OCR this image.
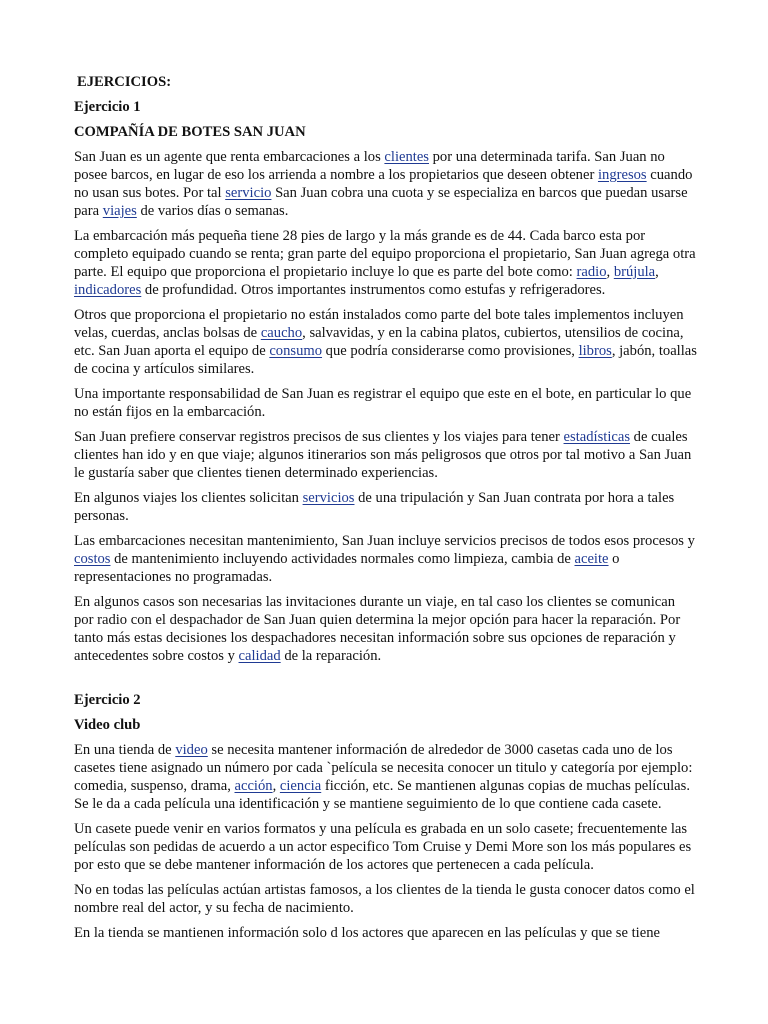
EJERCICIOS:
Ejercicio 1
COMPAÑÍA DE BOTES SAN JUAN

San Juan es un agente que renta embarcaciones a los clientes por una determinada tarifa. San Juan no posee barcos, en lugar de eso los arrienda a nombre a los propietarios que deseen obtener ingresos cuando no usan sus botes. Por tal servicio San Juan cobra una cuota y se especializa en barcos que puedan usarse para viajes de varios días o semanas.

La embarcación más pequeña tiene 28 pies de largo y la más grande es de 44. Cada barco esta por completo equipado cuando se renta; gran parte del equipo proporciona el propietario, San Juan agrega otra parte. El equipo que proporciona el propietario incluye lo que es parte del bote como: radio, brújula, indicadores de profundidad. Otros importantes instrumentos como estufas y refrigeradores.

Otros que proporciona el propietario no están instalados como parte del bote tales implementos incluyen velas, cuerdas, anclas bolsas de caucho, salvavidas, y en la cabina platos, cubiertos, utensilios de cocina, etc. San Juan aporta el equipo de consumo que podría considerarse como provisiones, libros, jabón, toallas de cocina y artículos similares.

Una importante responsabilidad de San Juan es registrar el equipo que este en el bote, en particular lo que no están fijos en la embarcación.

San Juan prefiere conservar registros precisos de sus clientes y los viajes para tener estadísticas de cuales clientes han ido y en que viaje; algunos itinerarios son más peligrosos que otros por tal motivo a San Juan le gustaría saber que clientes tienen determinado experiencias.

En algunos viajes los clientes solicitan servicios de una tripulación y San Juan contrata por hora a tales personas.

Las embarcaciones necesitan mantenimiento, San Juan incluye servicios precisos de todos esos procesos y costos de mantenimiento incluyendo actividades normales como limpieza, cambia de aceite o representaciones no programadas.

En algunos casos son necesarias las invitaciones durante un viaje, en tal caso los clientes se comunican por radio con el despachador de San Juan quien determina la mejor opción para hacer la reparación. Por tanto más estas decisiones los despachadores necesitan información sobre sus opciones de reparación y antecedentes sobre costos y calidad de la reparación.

Ejercicio 2
Video club

En una tienda de video se necesita mantener información de alrededor de 3000 casetas cada uno de los casetes tiene asignado un número por cada `película se necesita conocer un titulo y categoría por ejemplo: comedia, suspenso, drama, acción, ciencia ficción, etc. Se mantienen algunas copias de muchas películas. Se le da a cada película una identificación y se mantiene seguimiento de lo que contiene cada casete.

Un casete puede venir en varios formatos y una película es grabada en un solo casete; frecuentemente las películas son pedidas de acuerdo a un actor especifico Tom Cruise y Demi More son los más populares es por esto que se debe mantener información de los actores que pertenecen a cada película.

No en todas las películas actúan artistas famosos, a los clientes de la tienda le gusta conocer datos como el nombre real del actor, y su fecha de nacimiento.

En la tienda se mantienen información solo d los actores que aparecen en las películas y que se tiene
